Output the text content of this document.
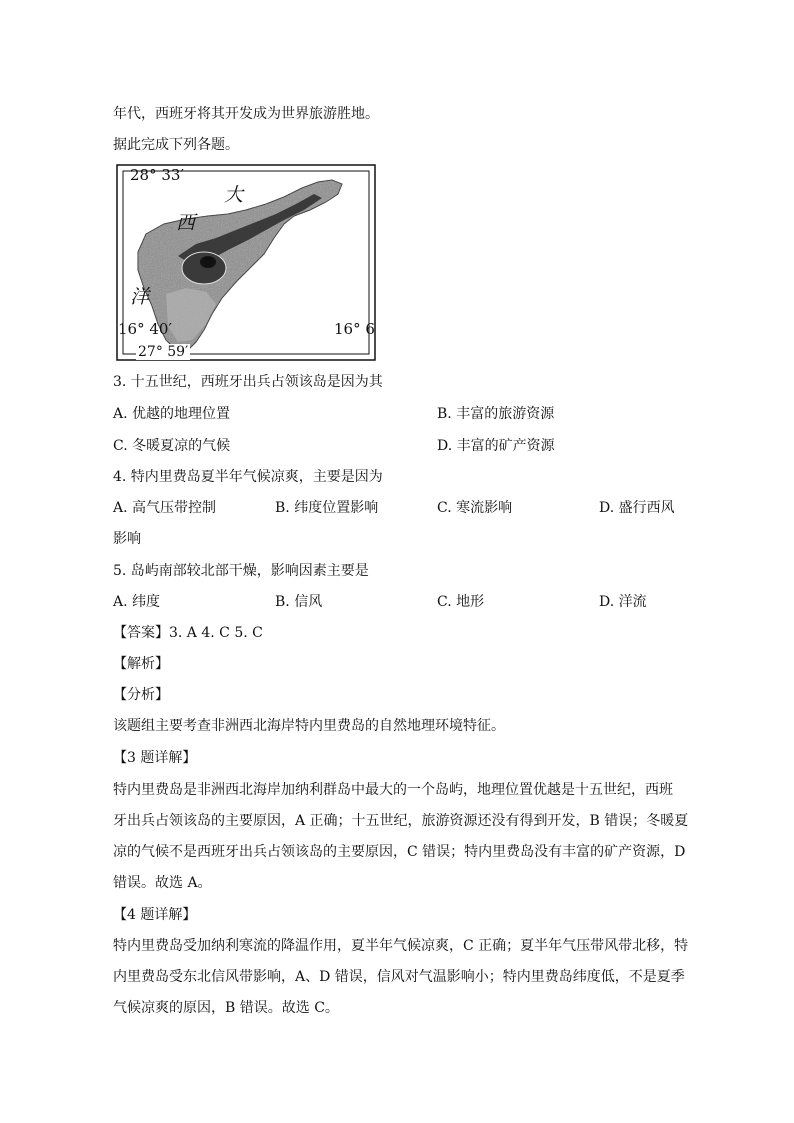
年代，西班牙将其开发成为世界旅游胜地。
据此完成下列各题。
28° 33′
大
西
洋
16° 40′	16° 6
27° 59′
3. 十五世纪，西班牙出兵占领该岛是因为其
A. 优越的地理位置	B. 丰富的旅游资源
C. 冬暖夏凉的气候	D. 丰富的矿产资源
4. 特内里费岛夏半年气候凉爽，主要是因为
A. 高气压带控制	B. 纬度位置影响	C. 寒流影响	D. 盛行西风
影响
5. 岛屿南部较北部干燥，影响因素主要是
A. 纬度	B. 信风	C. 地形	D. 洋流
【答案】3. A 4. C 5. C
【解析】
【分析】
该题组主要考查非洲西北海岸特内里费岛的自然地理环境特征。
【3 题详解】
特内里费岛是非洲西北海岸加纳利群岛中最大的一个岛屿，地理位置优越是十五世纪，西班
牙出兵占领该岛的主要原因，A 正确；十五世纪，旅游资源还没有得到开发，B 错误；冬暖夏
凉的气候不是西班牙出兵占领该岛的主要原因，C 错误；特内里费岛没有丰富的矿产资源，D
错误。故选 A。
【4 题详解】
特内里费岛受加纳利寒流的降温作用，夏半年气候凉爽，C 正确；夏半年气压带风带北移，特
内里费岛受东北信风带影响，A、D 错误，信风对气温影响小；特内里费岛纬度低，不是夏季
气候凉爽的原因，B 错误。故选 C。
